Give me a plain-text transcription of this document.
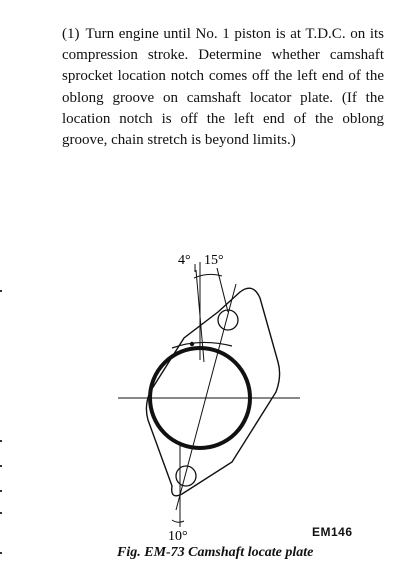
(1) Turn engine until No. 1 piston is at T.D.C. on its compression stroke. Determine whether camshaft sprocket location notch comes off the left end of the oblong groove on camshaft locator plate. (If the location notch is off the left end of the oblong groove, chain stretch is beyond limits.)

4° 15°
10°	EM146
Fig. EM-73 Camshaft locate plate
